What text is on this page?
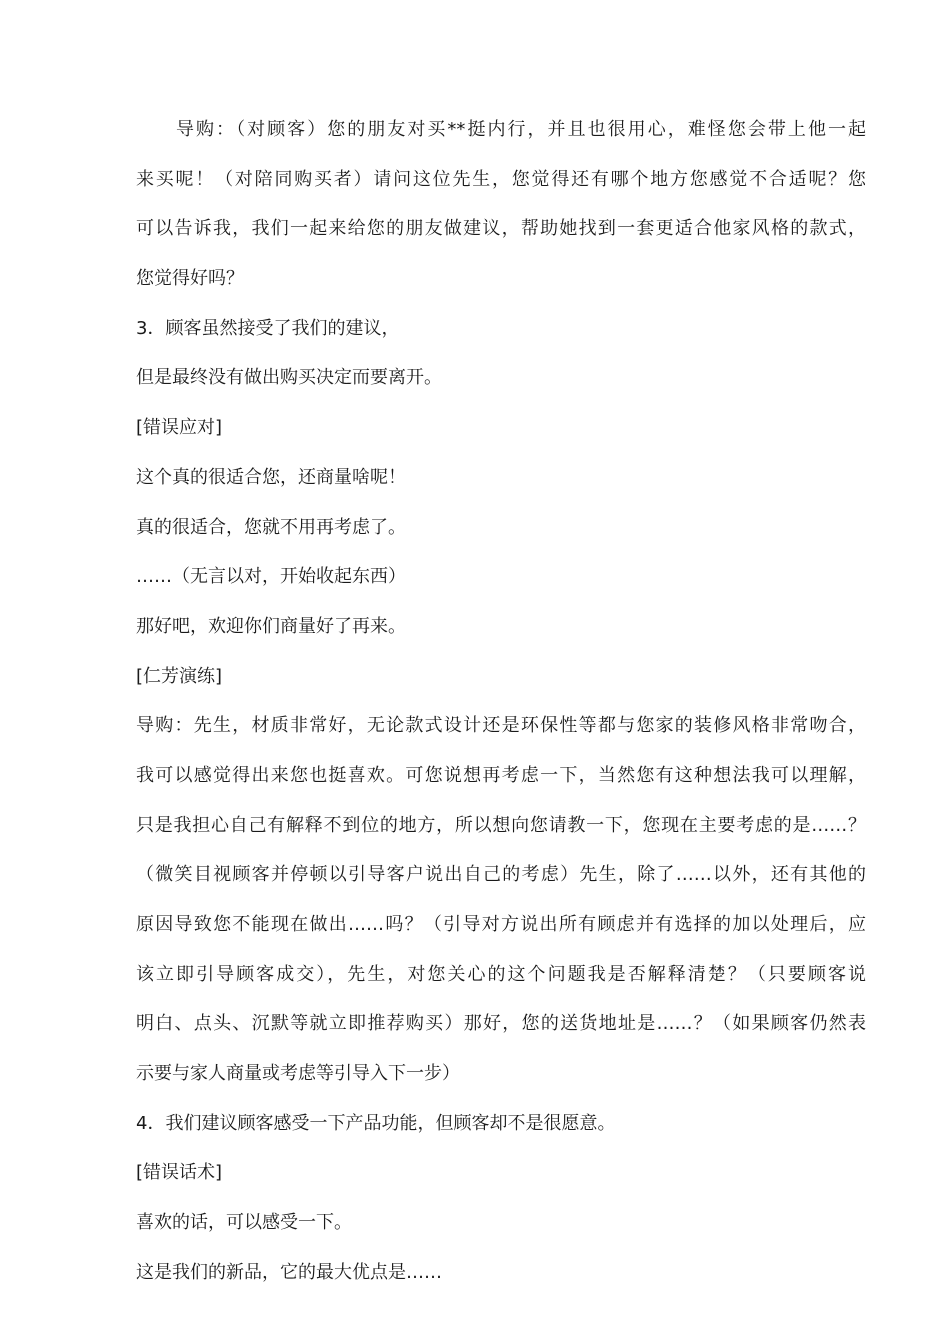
导购：（对顾客）您的朋友对买**挺内行，并且也很用心，难怪您会带上他一起
来买呢！（对陪同购买者）请问这位先生，您觉得还有哪个地方您感觉不合适呢？您
可以告诉我，我们一起来给您的朋友做建议，帮助她找到一套更适合他家风格的款式，
您觉得好吗？
3．顾客虽然接受了我们的建议，
但是最终没有做出购买决定而要离开。
[错误应对]
这个真的很适合您，还商量啥呢！
真的很适合，您就不用再考虑了。
……（无言以对，开始收起东西）
那好吧，欢迎你们商量好了再来。
[仁芳演练]
导购：先生，材质非常好，无论款式设计还是环保性等都与您家的装修风格非常吻合，
我可以感觉得出来您也挺喜欢。可您说想再考虑一下，当然您有这种想法我可以理解，
只是我担心自己有解释不到位的地方，所以想向您请教一下，您现在主要考虑的是……？
（微笑目视顾客并停顿以引导客户说出自己的考虑）先生，除了……以外，还有其他的
原因导致您不能现在做出……吗？（引导对方说出所有顾虑并有选择的加以处理后，应
该立即引导顾客成交），先生，对您关心的这个问题我是否解释清楚？（只要顾客说
明白、点头、沉默等就立即推荐购买）那好，您的送货地址是……？（如果顾客仍然表
示要与家人商量或考虑等引导入下一步）
4．我们建议顾客感受一下产品功能，但顾客却不是很愿意。
[错误话术]
喜欢的话，可以感受一下。
这是我们的新品，它的最大优点是……
